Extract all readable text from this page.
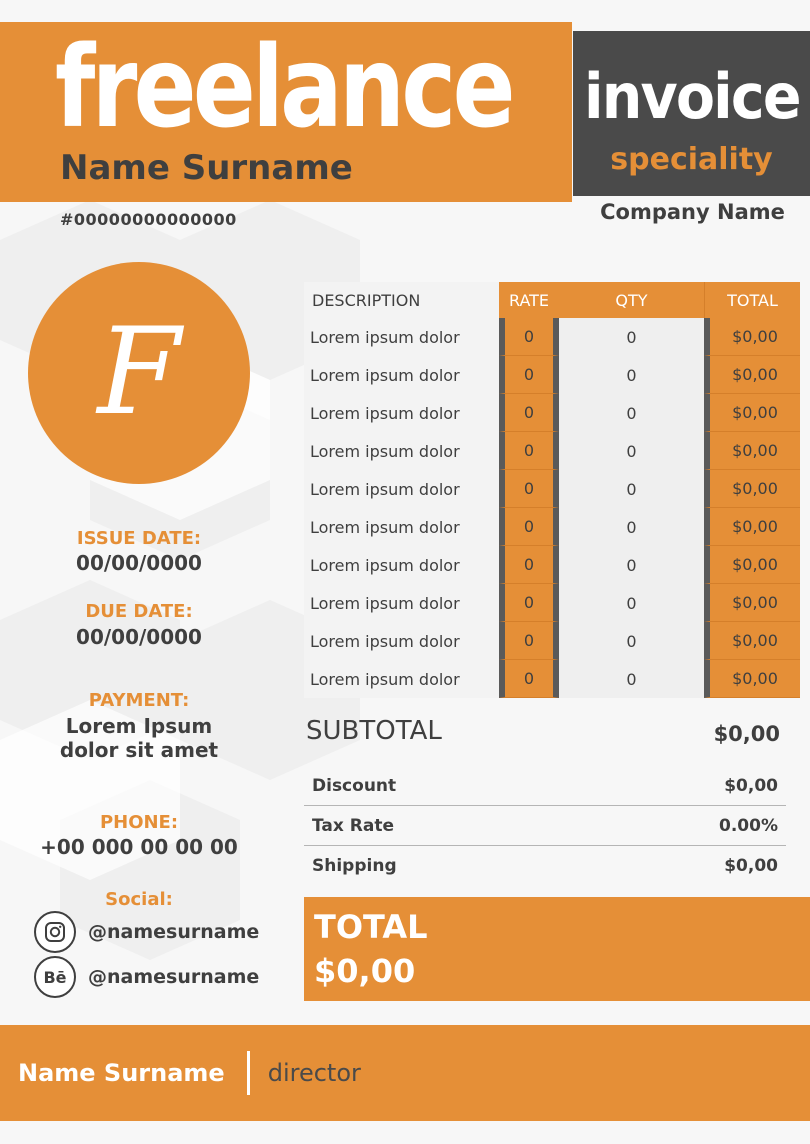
freelance
Name Surname
invoice
speciality
Company Name
#00000000000000
F
ISSUE DATE:
00/00/0000
DUE DATE:
00/00/0000
PAYMENT:
Lorem Ipsum
dolor sit amet
PHONE:
+00 000 00 00 00
Social:
@namesurname
Bē	@namesurname
DESCRIPTION	RATE	QTY	TOTAL
Lorem ipsum dolor	0	0	$0,00
Lorem ipsum dolor	0	0	$0,00
Lorem ipsum dolor	0	0	$0,00
Lorem ipsum dolor	0	0	$0,00
Lorem ipsum dolor	0	0	$0,00
Lorem ipsum dolor	0	0	$0,00
Lorem ipsum dolor	0	0	$0,00
Lorem ipsum dolor	0	0	$0,00
Lorem ipsum dolor	0	0	$0,00
Lorem ipsum dolor	0	0	$0,00
SUBTOTAL	$0,00
Discount	$0,00
Tax Rate	0.00%
Shipping	$0,00
TOTAL
$0,00
Name Surname director
